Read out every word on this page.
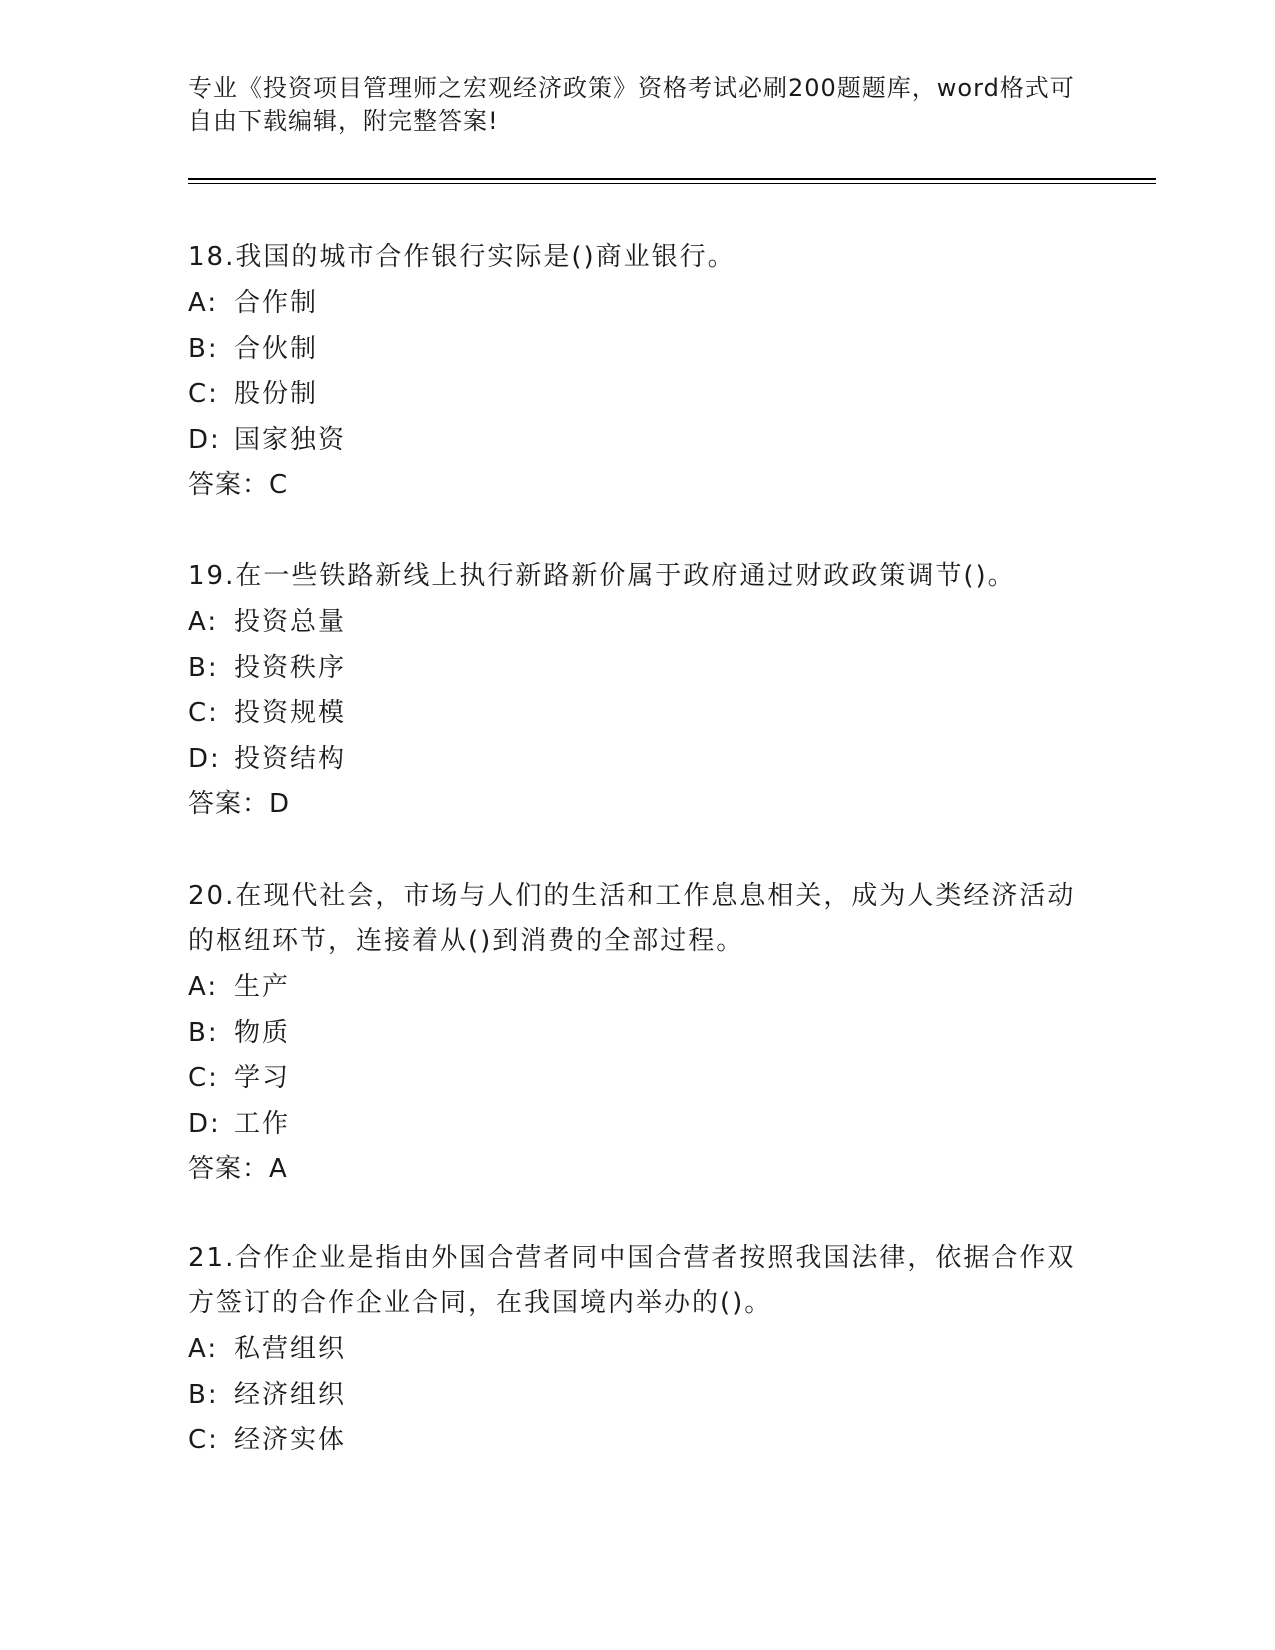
专业《投资项目管理师之宏观经济政策》资格考试必刷200题题库，word格式可
自由下载编辑，附完整答案!
18.我国的城市合作银行实际是()商业银行。
A: 合作制
B: 合伙制
C: 股份制
D: 国家独资
答案：C
19.在一些铁路新线上执行新路新价属于政府通过财政政策调节()。
A: 投资总量
B: 投资秩序
C: 投资规模
D: 投资结构
答案：D
20.在现代社会，市场与人们的生活和工作息息相关，成为人类经济活动的枢纽环节，连接着从()到消费的全部过程。
A: 生产
B: 物质
C: 学习
D: 工作
答案：A
21.合作企业是指由外国合营者同中国合营者按照我国法律，依据合作双方签订的合作企业合同，在我国境内举办的()。
A: 私营组织
B: 经济组织
C: 经济实体
